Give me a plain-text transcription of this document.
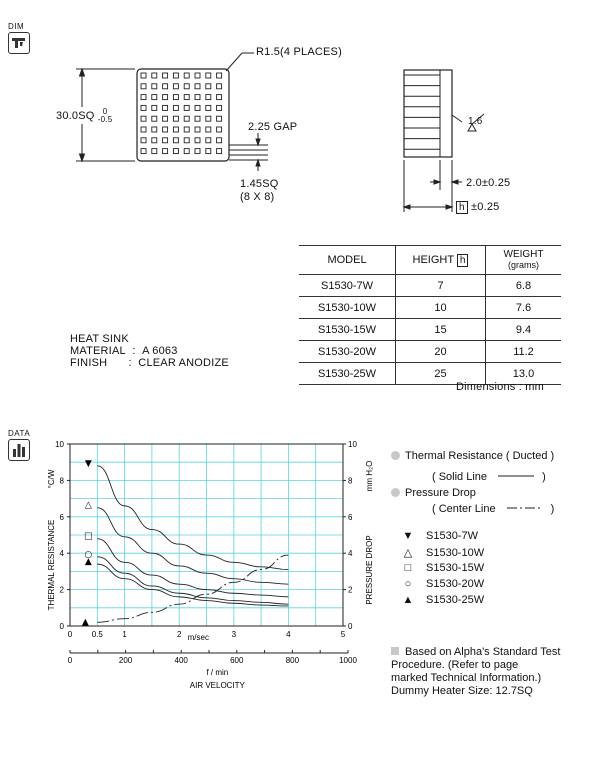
DIM
30.0SQ	0
-0.5
R1.5(4 PLACES)
2.25 GAP
1.45SQ
(8 X 8)
1.6
2.0±0.25
h ±0.25
HEAT SINK
MATERIAL : A 6063
FINISH : CLEAR ANODIZE
MODEL	HEIGHT h	WEIGHT
(grams)

S1530-7W	7	6.8
S1530-10W	10	7.6
S1530-15W	15	9.4
S1530-20W	20	11.2
S1530-25W	25	13.0
Dimensions : mm
DATA
0	0
2	2
4	4
6	6
8	8
10	10
0 0.5 1	2	3	4	5
m/sec
0	200	400	600	800	1000
f / min
AIR VELOCITY
THERMAL RESISTANCE
°C/W
PRESSURE DROP
mm H₂O
▼
△
□
○
▲
▲
Thermal Resistance ( Ducted )
( Solid Line	)
Pressure Drop
( Center Line	)
▼ S1530-7W
△ S1530-10W
□ S1530-15W
○ S1530-20W
▲ S1530-25W
Based on Alpha's Standard Test
Procedure. (Refer to page
marked Technical Information.)
Dummy Heater Size: 12.7SQ
